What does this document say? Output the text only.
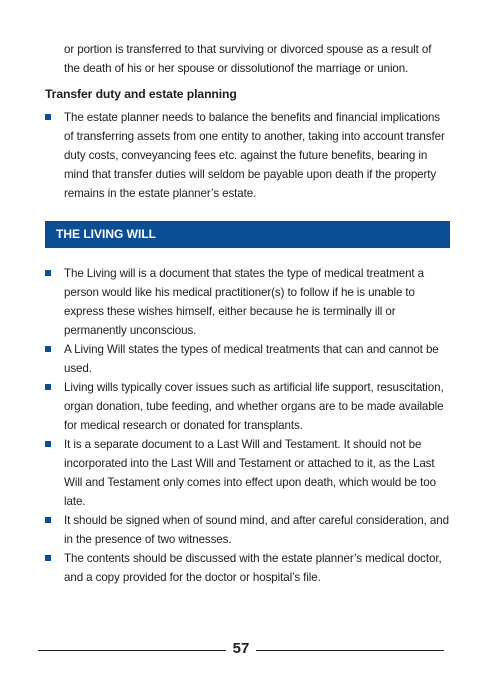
or portion is transferred to that surviving or divorced spouse as a result of the death of his or her spouse or dissolutionof the marriage or union.

Transfer duty and estate planning
The estate planner needs to balance the benefits and financial implications of transferring assets from one entity to another, taking into account transfer duty costs, conveyancing fees etc. against the future benefits, bearing in mind that transfer duties will seldom be payable upon death if the property remains in the estate planner’s estate.
THE LIVING WILL
The Living will is a document that states the type of medical treatment a person would like his medical practitioner(s) to follow if he is unable to express these wishes himself, either because he is terminally ill or permanently unconscious.
A Living Will states the types of medical treatments that can and cannot be used.
Living wills typically cover issues such as artificial life support, resuscitation, organ donation, tube feeding, and whether organs are to be made available for medical research or donated for transplants.
It is a separate document to a Last Will and Testament. It should not be incorporated into the Last Will and Testament or attached to it, as the Last Will and Testament only comes into effect upon death, which would be too late.
It should be signed when of sound mind, and after careful consideration, and in the presence of two witnesses.
The contents should be discussed with the estate planner’s medical doctor, and a copy provided for the doctor or hospital’s file.
57
